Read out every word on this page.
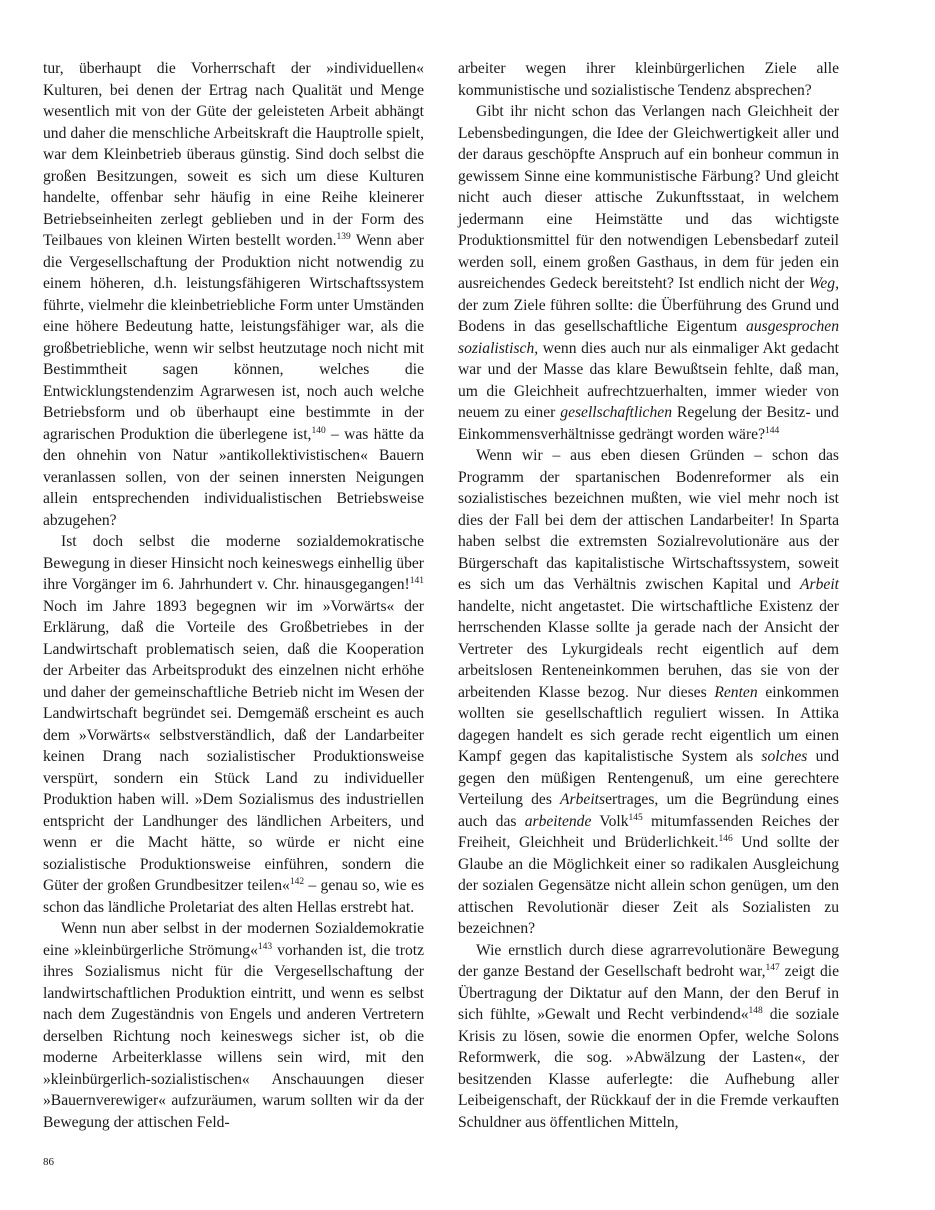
tur, überhaupt die Vorherrschaft der »individuellen« Kulturen, bei denen der Ertrag nach Qualität und Menge wesentlich mit von der Güte der geleisteten Arbeit abhängt und daher die menschliche Arbeitskraft die Hauptrolle spielt, war dem Kleinbetrieb überaus günstig. Sind doch selbst die großen Besitzungen, soweit es sich um diese Kulturen handelte, offenbar sehr häufig in eine Reihe kleinerer Betriebseinheiten zerlegt geblieben und in der Form des Teilbaues von kleinen Wirten bestellt worden.$^{139}$ Wenn aber die Vergesellschaftung der Produktion nicht notwendig zu einem höheren, d.h. leistungsfähigeren Wirtschaftssystem führte, vielmehr die kleinbetriebliche Form unter Umständen eine höhere Bedeutung hatte, leistungsfähiger war, als die großbetriebliche, wenn wir selbst heutzutage noch nicht mit Bestimmtheit sagen können, welches die Entwicklungstendenzim Agrarwesen ist, noch auch welche Betriebsform und ob überhaupt eine bestimmte in der agrarischen Produktion die überlegene ist,$^{140}$ – was hätte da den ohnehin von Natur »antikollektivistischen« Bauern veranlassen sollen, von der seinen innersten Neigungen allein entsprechenden individualistischen Betriebsweise abzugehen?

Ist doch selbst die moderne sozialdemokratische Bewegung in dieser Hinsicht noch keineswegs einhellig über ihre Vorgänger im 6. Jahrhundert v. Chr. hinausgegangen!$^{141}$ Noch im Jahre 1893 begegnen wir im »Vorwärts« der Erklärung, daß die Vorteile des Großbetriebes in der Landwirtschaft problematisch seien, daß die Kooperation der Arbeiter das Arbeitsprodukt des einzelnen nicht erhöhe und daher der gemeinschaftliche Betrieb nicht im Wesen der Landwirtschaft begründet sei. Demgemäß erscheint es auch dem »Vorwärts« selbstverständlich, daß der Landarbeiter keinen Drang nach sozialistischer Produktionsweise verspürt, sondern ein Stück Land zu individueller Produktion haben will. »Dem Sozialismus des industriellen entspricht der Landhunger des ländlichen Arbeiters, und wenn er die Macht hätte, so würde er nicht eine sozialistische Produktionsweise einführen, sondern die Güter der großen Grundbesitzer teilen«$^{142}$ – genau so, wie es schon das ländliche Proletariat des alten Hellas erstrebt hat.

Wenn nun aber selbst in der modernen Sozialdemokratie eine »kleinbürgerliche Strömung«$^{143}$ vorhanden ist, die trotz ihres Sozialismus nicht für die Vergesellschaftung der landwirtschaftlichen Produktion eintritt, und wenn es selbst nach dem Zugeständnis von Engels und anderen Vertretern derselben Richtung noch keineswegs sicher ist, ob die moderne Arbeiterklasse willens sein wird, mit den »kleinbürgerlich-sozialistischen« Anschauungen dieser »Bauernverewiger« aufzuräumen, warum sollten wir da der Bewegung der attischen Feld-

arbeiter wegen ihrer kleinbürgerlichen Ziele alle kommunistische und sozialistische Tendenz absprechen?

Gibt ihr nicht schon das Verlangen nach Gleichheit der Lebensbedingungen, die Idee der Gleichwertigkeit aller und der daraus geschöpfte Anspruch auf ein bonheur commun in gewissem Sinne eine kommunistische Färbung? Und gleicht nicht auch dieser attische Zukunftsstaat, in welchem jedermann eine Heimstätte und das wichtigste Produktionsmittel für den notwendigen Lebensbedarf zuteil werden soll, einem großen Gasthaus, in dem für jeden ein ausreichendes Gedeck bereitsteht? Ist endlich nicht der Weg, der zum Ziele führen sollte: die Überführung des Grund und Bodens in das gesellschaftliche Eigentum ausgesprochen sozialistisch, wenn dies auch nur als einmaliger Akt gedacht war und der Masse das klare Bewußtsein fehlte, daß man, um die Gleichheit aufrechtzuerhalten, immer wieder von neuem zu einer gesellschaftlichen Regelung der Besitz- und Einkommensverhältnisse gedrängt worden wäre?$^{144}$

Wenn wir – aus eben diesen Gründen – schon das Programm der spartanischen Bodenreformer als ein sozialistisches bezeichnen mußten, wie viel mehr noch ist dies der Fall bei dem der attischen Landarbeiter! In Sparta haben selbst die extremsten Sozialrevolutionäre aus der Bürgerschaft das kapitalistische Wirtschaftssystem, soweit es sich um das Verhältnis zwischen Kapital und Arbeit handelte, nicht angetastet. Die wirtschaftliche Existenz der herrschenden Klasse sollte ja gerade nach der Ansicht der Vertreter des Lykurgideals recht eigentlich auf dem arbeitslosen Renteneinkommen beruhen, das sie von der arbeitenden Klasse bezog. Nur dieses Renten einkommen wollten sie gesellschaftlich reguliert wissen. In Attika dagegen handelt es sich gerade recht eigentlich um einen Kampf gegen das kapitalistische System als solches und gegen den müßigen Rentengenuß, um eine gerechtere Verteilung des Arbeitsertrages, um die Begründung eines auch das arbeitende Volk$^{145}$ mitumfassenden Reiches der Freiheit, Gleichheit und Brüderlichkeit.$^{146}$ Und sollte der Glaube an die Möglichkeit einer so radikalen Ausgleichung der sozialen Gegensätze nicht allein schon genügen, um den attischen Revolutionär dieser Zeit als Sozialisten zu bezeichnen?

Wie ernstlich durch diese agrarrevolutionäre Bewegung der ganze Bestand der Gesellschaft bedroht war,$^{147}$ zeigt die Übertragung der Diktatur auf den Mann, der den Beruf in sich fühlte, »Gewalt und Recht verbindend«$^{148}$ die soziale Krisis zu lösen, sowie die enormen Opfer, welche Solons Reformwerk, die sog. »Abwälzung der Lasten«, der besitzenden Klasse auferlegte: die Aufhebung aller Leibeigenschaft, der Rückkauf der in die Fremde verkauften Schuldner aus öffentlichen Mitteln,

86
